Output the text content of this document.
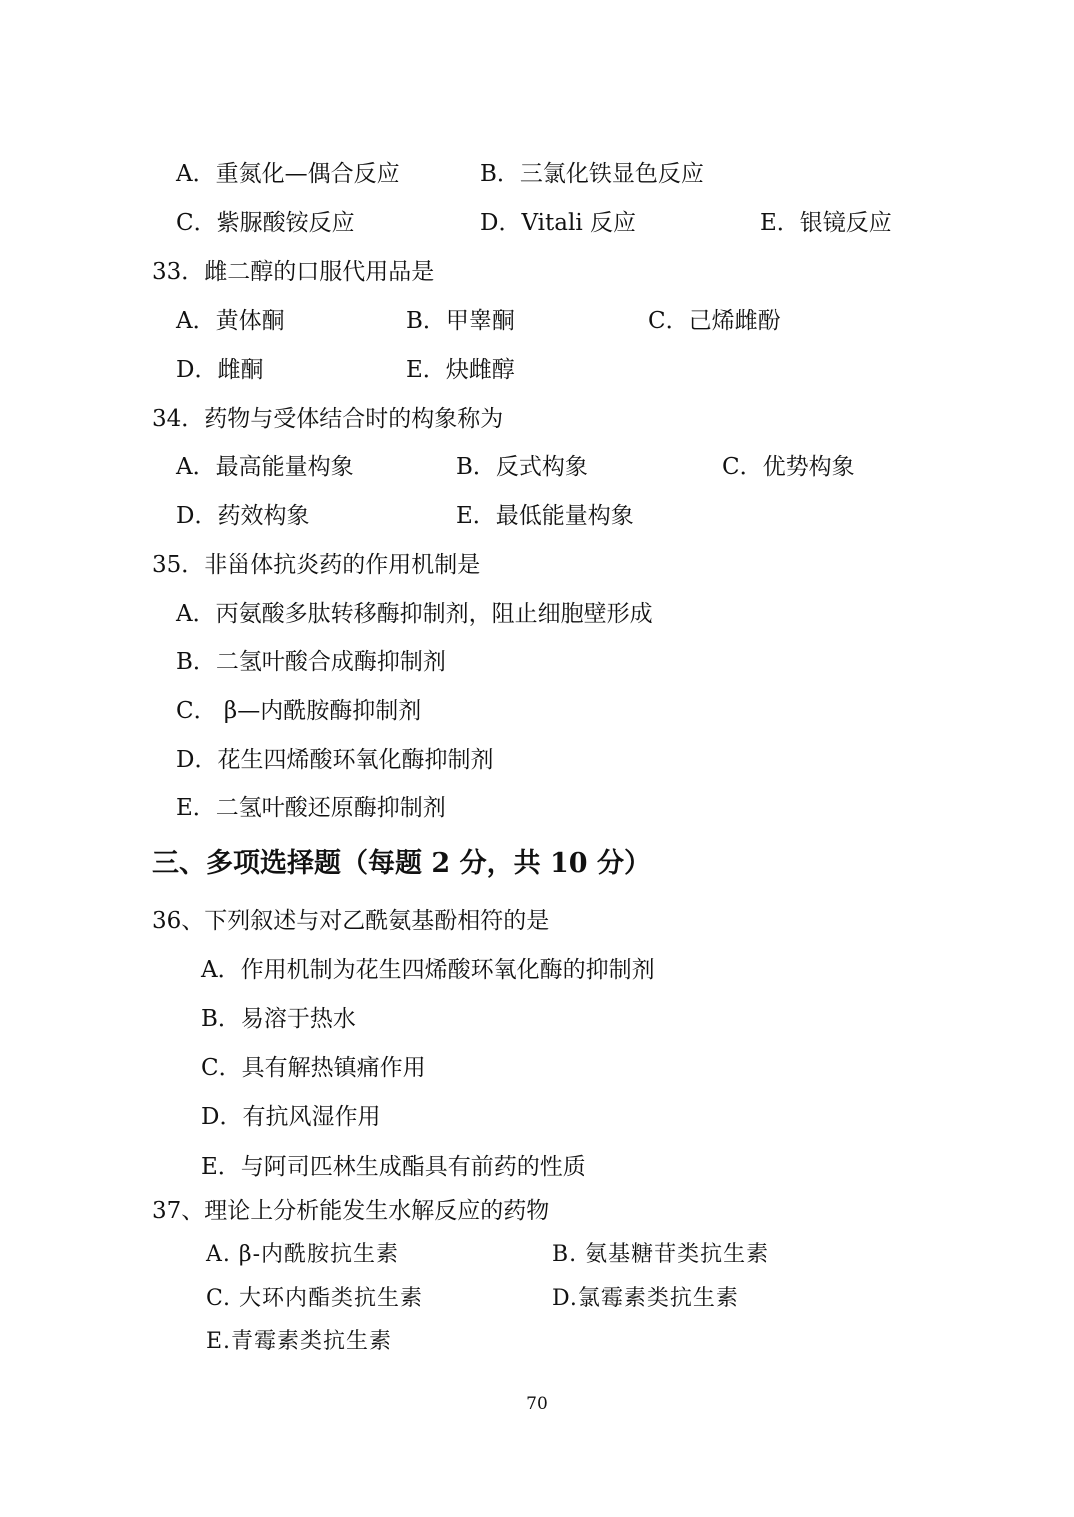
A．重氮化—偶合反应	B．三氯化铁显色反应
C．紫脲酸铵反应	D．Vitali 反应	E．银镜反应
33．雌二醇的口服代用品是
A．黄体酮	B．甲睾酮	C．己烯雌酚
D．雌酮	E．炔雌醇
34．药物与受体结合时的构象称为
A．最高能量构象	B．反式构象	C．优势构象
D．药效构象	E．最低能量构象
35．非甾体抗炎药的作用机制是
A．丙氨酸多肽转移酶抑制剂，阻止细胞壁形成
B．二氢叶酸合成酶抑制剂
C． β—内酰胺酶抑制剂
D．花生四烯酸环氧化酶抑制剂
E．二氢叶酸还原酶抑制剂
三、多项选择题（每题 2 分，共 10 分）
36、下列叙述与对乙酰氨基酚相符的是
A．作用机制为花生四烯酸环氧化酶的抑制剂
B．易溶于热水
C．具有解热镇痛作用
D．有抗风湿作用
E．与阿司匹林生成酯具有前药的性质
37、理论上分析能发生水解反应的药物
A. β-内酰胺抗生素	B. 氨基糖苷类抗生素
C. 大环内酯类抗生素	D.氯霉素类抗生素
E.青霉素类抗生素
70
